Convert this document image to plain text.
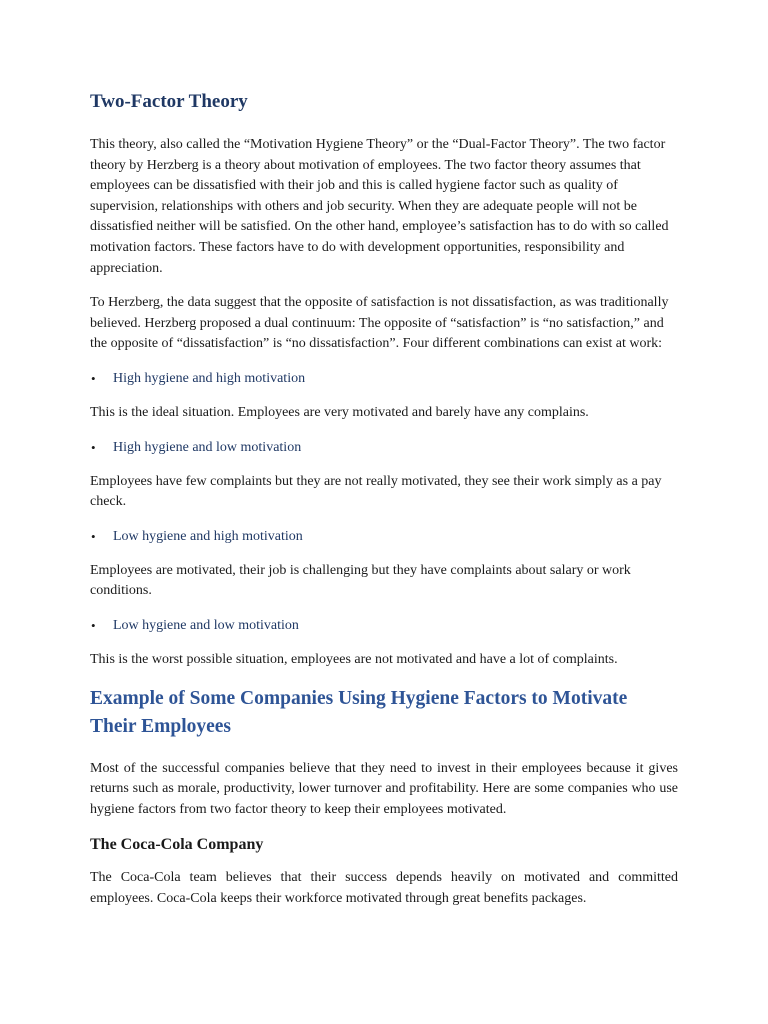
Two-Factor Theory

This theory, also called the “Motivation Hygiene Theory” or the “Dual-Factor Theory”. The two factor theory by Herzberg is a theory about motivation of employees. The two factor theory assumes that employees can be dissatisfied with their job and this is called hygiene factor such as quality of supervision, relationships with others and job security. When they are adequate people will not be dissatisfied neither will be satisfied. On the other hand, employee’s satisfaction has to do with so called motivation factors. These factors have to do with development opportunities, responsibility and appreciation.

To Herzberg, the data suggest that the opposite of satisfaction is not dissatisfaction, as was traditionally believed. Herzberg proposed a dual continuum: The opposite of “satisfaction” is “no satisfaction,” and the opposite of “dissatisfaction” is “no dissatisfaction”. Four different combinations can exist at work:

• High hygiene and high motivation

This is the ideal situation. Employees are very motivated and barely have any complains.

• High hygiene and low motivation

Employees have few complaints but they are not really motivated, they see their work simply as a pay check.

• Low hygiene and high motivation

Employees are motivated, their job is challenging but they have complaints about salary or work conditions.

• Low hygiene and low motivation

This is the worst possible situation, employees are not motivated and have a lot of complaints.

Example of Some Companies Using Hygiene Factors to Motivate Their Employees

Most of the successful companies believe that they need to invest in their employees because it gives returns such as morale, productivity, lower turnover and profitability. Here are some companies who use hygiene factors from two factor theory to keep their employees motivated.

The Coca-Cola Company

The Coca-Cola team believes that their success depends heavily on motivated and committed employees. Coca-Cola keeps their workforce motivated through great benefits packages.
